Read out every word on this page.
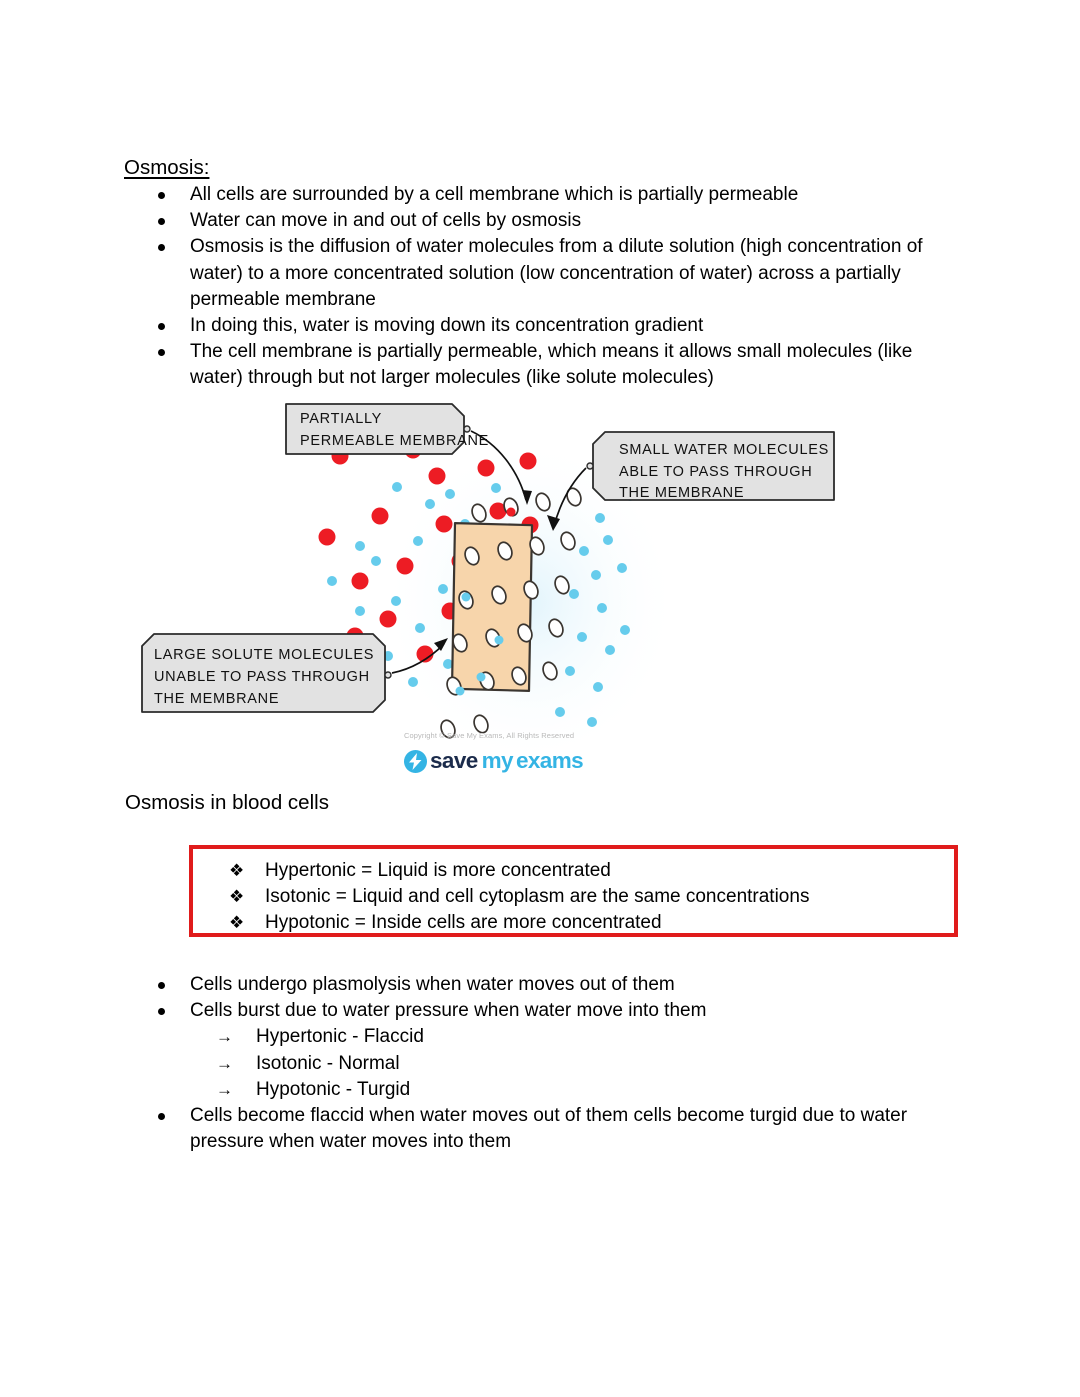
Osmosis:
All cells are surrounded by a cell membrane which is partially permeable
Water can move in and out of cells by osmosis
Osmosis is the diffusion of water molecules from a dilute solution (high concentration of water) to a more concentrated solution (low concentration of water) across a partially permeable membrane
In doing this, water is moving down its concentration gradient
The cell membrane is partially permeable, which means it allows small molecules (like water) through but not larger molecules (like solute molecules)
PARTIALLY
PERMEABLE MEMBRANE
SMALL WATER MOLECULES
ABLE TO PASS THROUGH
THE MEMBRANE
LARGE SOLUTE MOLECULES
UNABLE TO PASS THROUGH
THE MEMBRANE
Copyright © Save My Exams, All Rights Reserved
save my exams
Osmosis in blood cells
❖ Hypertonic = Liquid is more concentrated
❖ Isotonic = Liquid and cell cytoplasm are the same concentrations
❖ Hypotonic = Inside cells are more concentrated
Cells undergo plasmolysis when water moves out of them
Cells burst due to water pressure when water move into them
→ Hypertonic - Flaccid
→ Isotonic - Normal
→ Hypotonic - Turgid
Cells become flaccid when water moves out of them cells become turgid due to water pressure when water moves into them
